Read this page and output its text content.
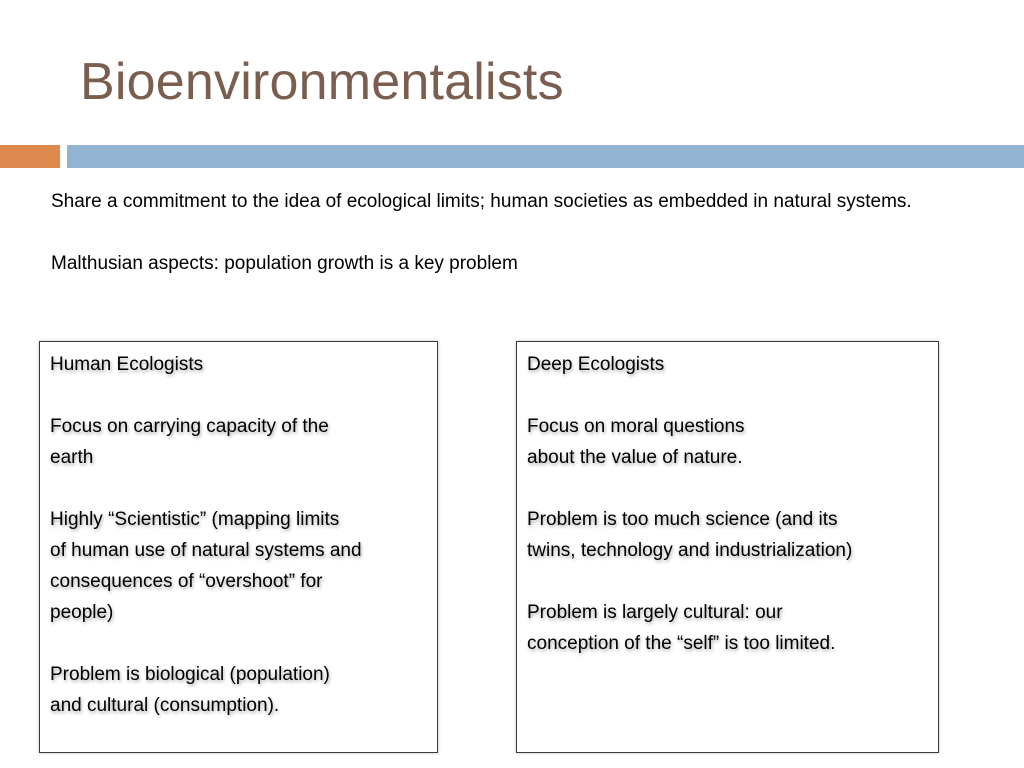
Bioenvironmentalists

Share a commitment to the idea of ecological limits; human societies as embedded in natural systems.

Malthusian aspects: population growth is a key problem

Human Ecologists
Focus on carrying capacity of the
earth
Highly “Scientistic” (mapping limits
of human use of natural systems and
consequences of “overshoot” for
people)
Problem is biological (population)
and cultural (consumption).
Deep Ecologists
Focus on moral questions
about the value of nature.
Problem is too much science (and its
twins, technology and industrialization)
Problem is largely cultural: our
conception of the “self” is too limited.
